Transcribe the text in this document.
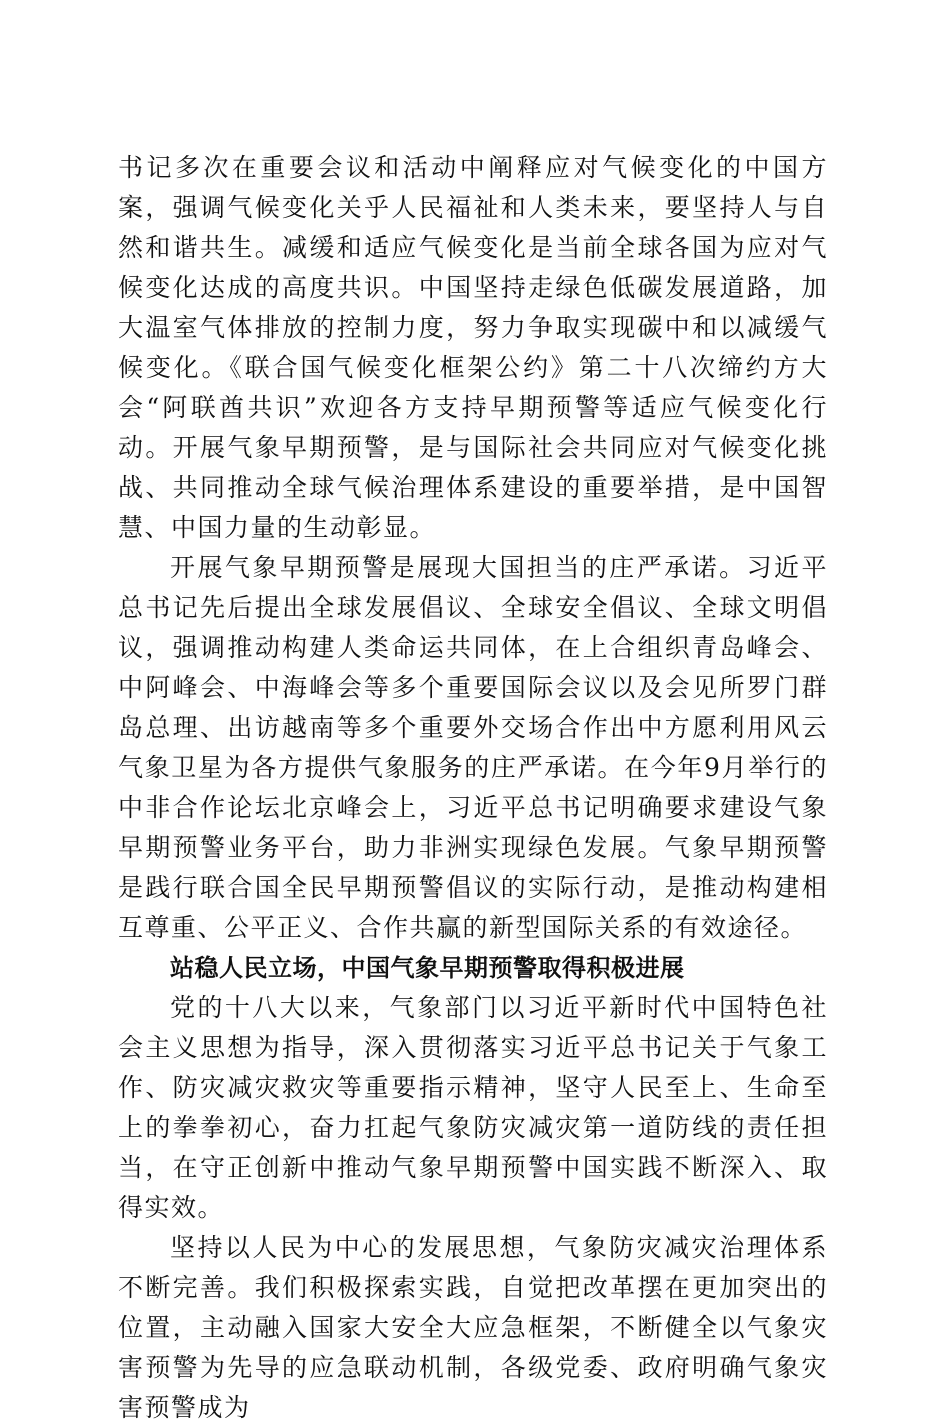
书记多次在重要会议和活动中阐释应对气候变化的中国方案，强调气候变化关乎人民福祉和人类未来，要坚持人与自然和谐共生。减缓和适应气候变化是当前全球各国为应对气候变化达成的高度共识。中国坚持走绿色低碳发展道路，加大温室气体排放的控制力度，努力争取实现碳中和以减缓气候变化。《联合国气候变化框架公约》第二十八次缔约方大会“阿联酋共识”欢迎各方支持早期预警等适应气候变化行动。开展气象早期预警，是与国际社会共同应对气候变化挑战、共同推动全球气候治理体系建设的重要举措，是中国智慧、中国力量的生动彰显。

开展气象早期预警是展现大国担当的庄严承诺。习近平总书记先后提出全球发展倡议、全球安全倡议、全球文明倡议，强调推动构建人类命运共同体，在上合组织青岛峰会、中阿峰会、中海峰会等多个重要国际会议以及会见所罗门群岛总理、出访越南等多个重要外交场合作出中方愿利用风云气象卫星为各方提供气象服务的庄严承诺。在今年9月举行的中非合作论坛北京峰会上，习近平总书记明确要求建设气象早期预警业务平台，助力非洲实现绿色发展。气象早期预警是践行联合国全民早期预警倡议的实际行动，是推动构建相互尊重、公平正义、合作共赢的新型国际关系的有效途径。

站稳人民立场，中国气象早期预警取得积极进展

党的十八大以来，气象部门以习近平新时代中国特色社会主义思想为指导，深入贯彻落实习近平总书记关于气象工作、防灾减灾救灾等重要指示精神，坚守人民至上、生命至上的拳拳初心，奋力扛起气象防灾减灾第一道防线的责任担当，在守正创新中推动气象早期预警中国实践不断深入、取得实效。

坚持以人民为中心的发展思想，气象防灾减灾治理体系不断完善。我们积极探索实践，自觉把改革摆在更加突出的位置，主动融入国家大安全大应急框架，不断健全以气象灾害预警为先导的应急联动机制，各级党委、政府明确气象灾害预警成为
